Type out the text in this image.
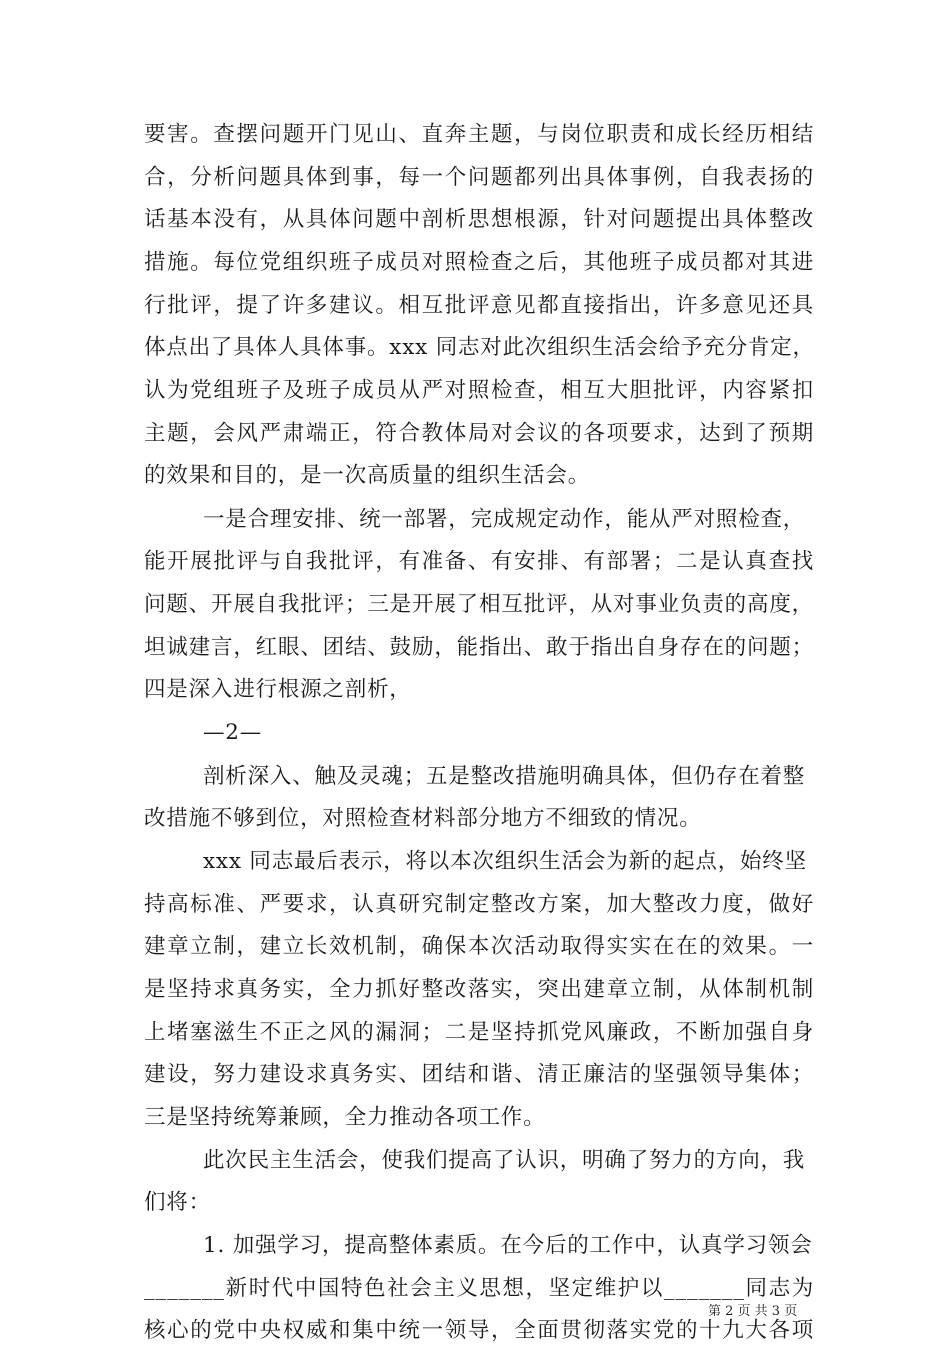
要害。查摆问题开门见山、直奔主题，与岗位职责和成长经历相结
合，分析问题具体到事，每一个问题都列出具体事例，自我表扬的
话基本没有，从具体问题中剖析思想根源，针对问题提出具体整改
措施。每位党组织班子成员对照检查之后，其他班子成员都对其进
行批评，提了许多建议。相互批评意见都直接指出，许多意见还具
体点出了具体人具体事。xxx 同志对此次组织生活会给予充分肯定，
认为党组班子及班子成员从严对照检查，相互大胆批评，内容紧扣
主题，会风严肃端正，符合教体局对会议的各项要求，达到了预期
的效果和目的，是一次高质量的组织生活会。
一是合理安排、统一部署，完成规定动作，能从严对照检查，
能开展批评与自我批评，有准备、有安排、有部署；二是认真查找
问题、开展自我批评；三是开展了相互批评，从对事业负责的高度，
坦诚建言，红眼、团结、鼓励，能指出、敢于指出自身存在的问题；
四是深入进行根源之剖析，
—2—
剖析深入、触及灵魂；五是整改措施明确具体，但仍存在着整
改措施不够到位，对照检查材料部分地方不细致的情况。
xxx 同志最后表示，将以本次组织生活会为新的起点，始终坚
持高标准、严要求，认真研究制定整改方案，加大整改力度，做好
建章立制，建立长效机制，确保本次活动取得实实在在的效果。一
是坚持求真务实，全力抓好整改落实，突出建章立制，从体制机制
上堵塞滋生不正之风的漏洞；二是坚持抓党风廉政，不断加强自身
建设，努力建设求真务实、团结和谐、清正廉洁的坚强领导集体；
三是坚持统筹兼顾，全力推动各项工作。
此次民主生活会，使我们提高了认识，明确了努力的方向，我
们将：
1. 加强学习，提高整体素质。在今后的工作中，认真学习领会
_______新时代中国特色社会主义思想，坚定维护以_______同志为
核心的党中央权威和集中统一领导，全面贯彻落实党的十九大各项
第 2 页 共 3 页
